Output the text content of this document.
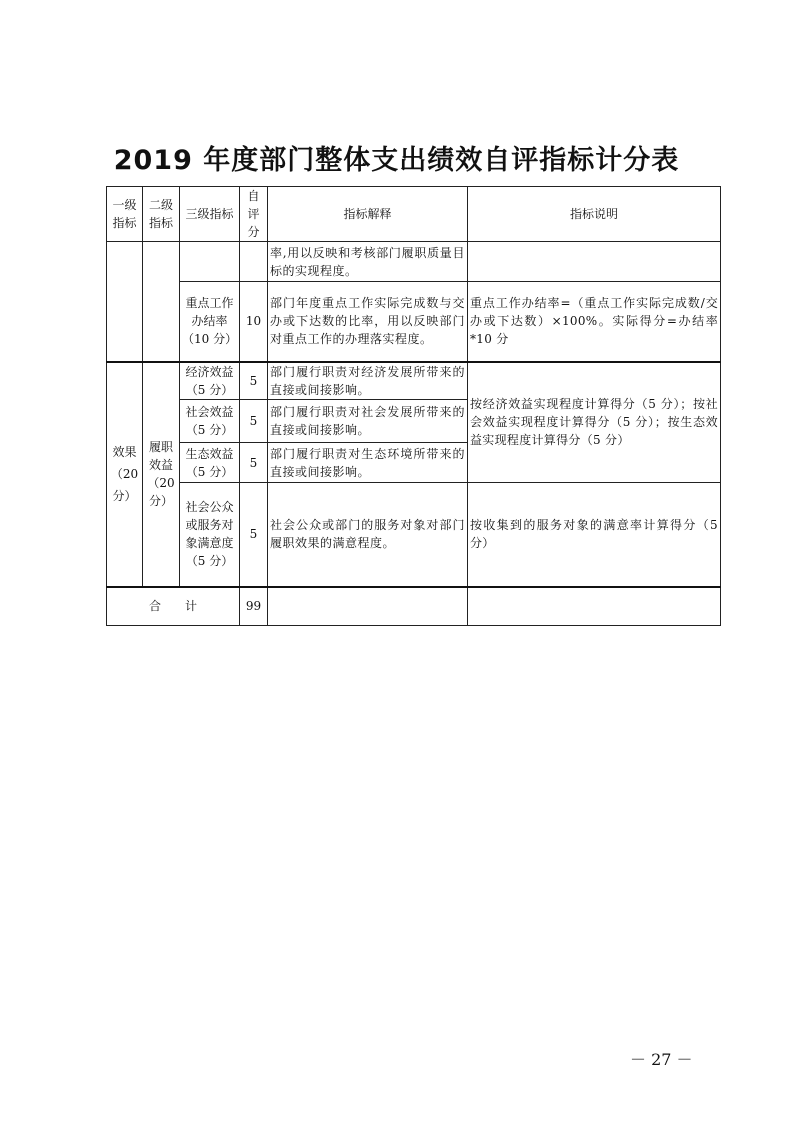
2019 年度部门整体支出绩效自评指标计分表
一级指标	二级指标	三级指标	自评分	指标解释	指标说明
				率,用以反映和考核部门履职质量目标的实现程度。	
		重点工作办结率（10 分）	10	部门年度重点工作实际完成数与交办或下达数的比率，用以反映部门对重点工作的办理落实程度。	重点工作办结率=（重点工作实际完成数/交办或下达数）×100%。实际得分=办结率*10 分
效果（20 分）	履职效益（20 分）	经济效益（5 分）	5	部门履行职责对经济发展所带来的直接或间接影响。	按经济效益实现程度计算得分（5 分）；按社会效益实现程度计算得分（5 分）；按生态效益实现程度计算得分（5 分）
		社会效益（5 分）	5	部门履行职责对社会发展所带来的直接或间接影响。	
		生态效益（5 分）	5	部门履行职责对生态环境所带来的直接或间接影响。	
		社会公众或服务对象满意度（5 分）	5	社会公众或部门的服务对象对部门履职效果的满意程度。	按收集到的服务对象的满意率计算得分（5 分）
合　　计			99		
－ 27 －
